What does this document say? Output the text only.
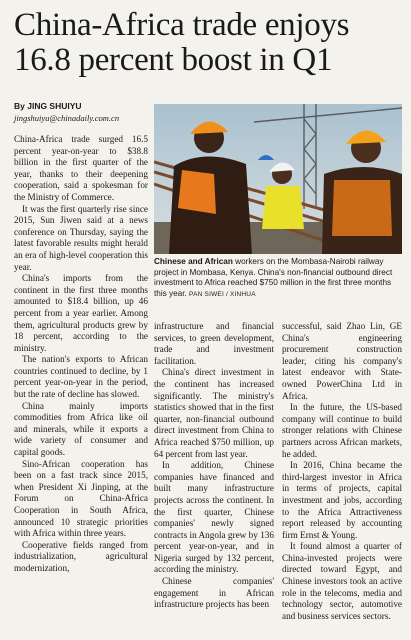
China-Africa trade enjoys 16.8 percent boost in Q1
By JING SHUIYU
jingshuiyu@chinadaily.com.cn

China-Africa trade surged 16.5 percent year-on-year to $38.8 billion in the first quarter of the year, thanks to their deepening cooperation, said a spokesman for the Ministry of Commerce.

It was the first quarterly rise since 2015, Sun Jiwen said at a news conference on Thursday, saying the latest favorable results might herald an era of high-level cooperation this year.

China's imports from the continent in the first three months amounted to $18.4 billion, up 46 percent from a year earlier. Among them, agricultural products grew by 18 percent, according to the ministry.

The nation's exports to African countries continued to decline, by 1 percent year-on-year in the period, but the rate of decline has slowed.

China mainly imports commodities from Africa like oil and minerals, while it exports a wide variety of consumer and capital goods.

Sino-African cooperation has been on a fast track since 2015, when President Xi Jinping, at the Forum on China-Africa Cooperation in South Africa, announced 10 strategic priorities with Africa within three years.

Cooperative fields ranged from industrialization, agricultural modernization,

Chinese and African workers on the Mombasa-Nairobi railway project in Mombasa, Kenya. China's non-financial outbound direct investment to Africa reached $750 million in the first three months this year. PAN SIWEI / XINHUA

infrastructure and financial services, to green development, trade and investment facilitation.

China's direct investment in the continent has increased significantly. The ministry's statistics showed that in the first quarter, non-financial outbound direct investment from China to Africa reached $750 million, up 64 percent from last year.

In addition, Chinese companies have financed and built many infrastructure projects across the continent. In the first quarter, Chinese companies' newly signed contracts in Angola grew by 136 percent year-on-year, and in Nigeria surged by 132 percent, according the ministry.

Chinese companies' engagement in African infrastructure projects has been

successful, said Zhao Lin, GE China's engineering procurement construction leader, citing his company's latest endeavor with State-owned PowerChina Ltd in Africa.

In the future, the US-based company will continue to build stronger relations with Chinese partners across African markets, he added.

In 2016, China became the third-largest investor in Africa in terms of projects, capital investment and jobs, according to the Africa Attractiveness report released by accounting firm Ernst & Young.

It found almost a quarter of China-invested projects were directed toward Egypt, and Chinese investors took an active role in the telecoms, media and technology sector, automotive and business services sectors.
